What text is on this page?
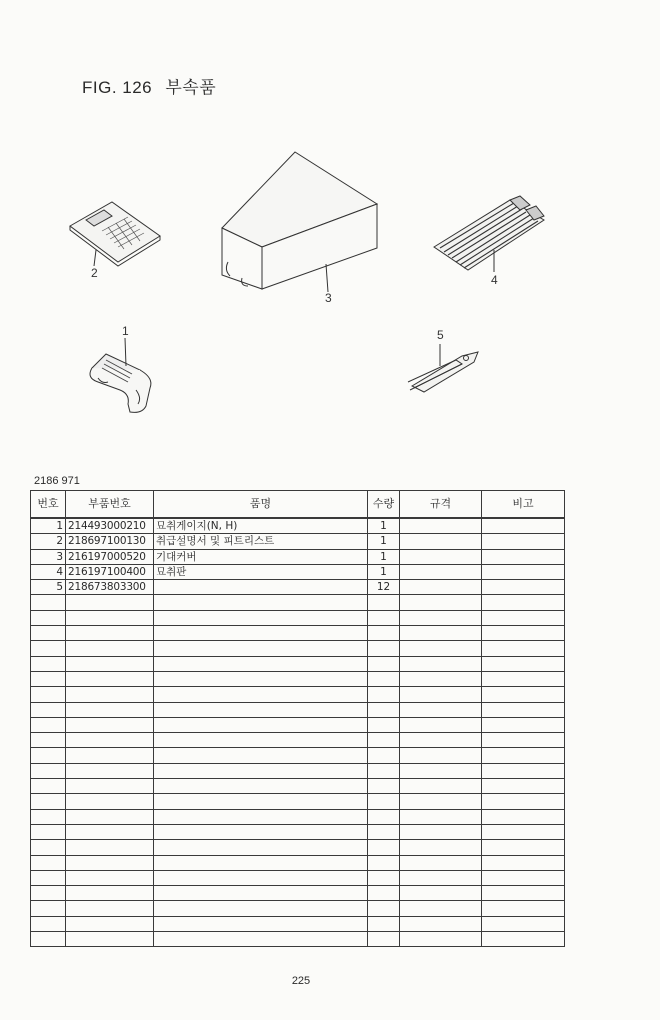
FIG. 126 부속품
2
3
4
1	5
2186 971
번호	부품번호	품명	수량	규격	비고
1	214493000210	묘취게이지(N, H)	1		
2	218697100130	취급설명서 및 피트리스트	1		
3	216197000520	기대커버	1		
4	216197100400	묘취판	1		
5	218673803300		12		

225
